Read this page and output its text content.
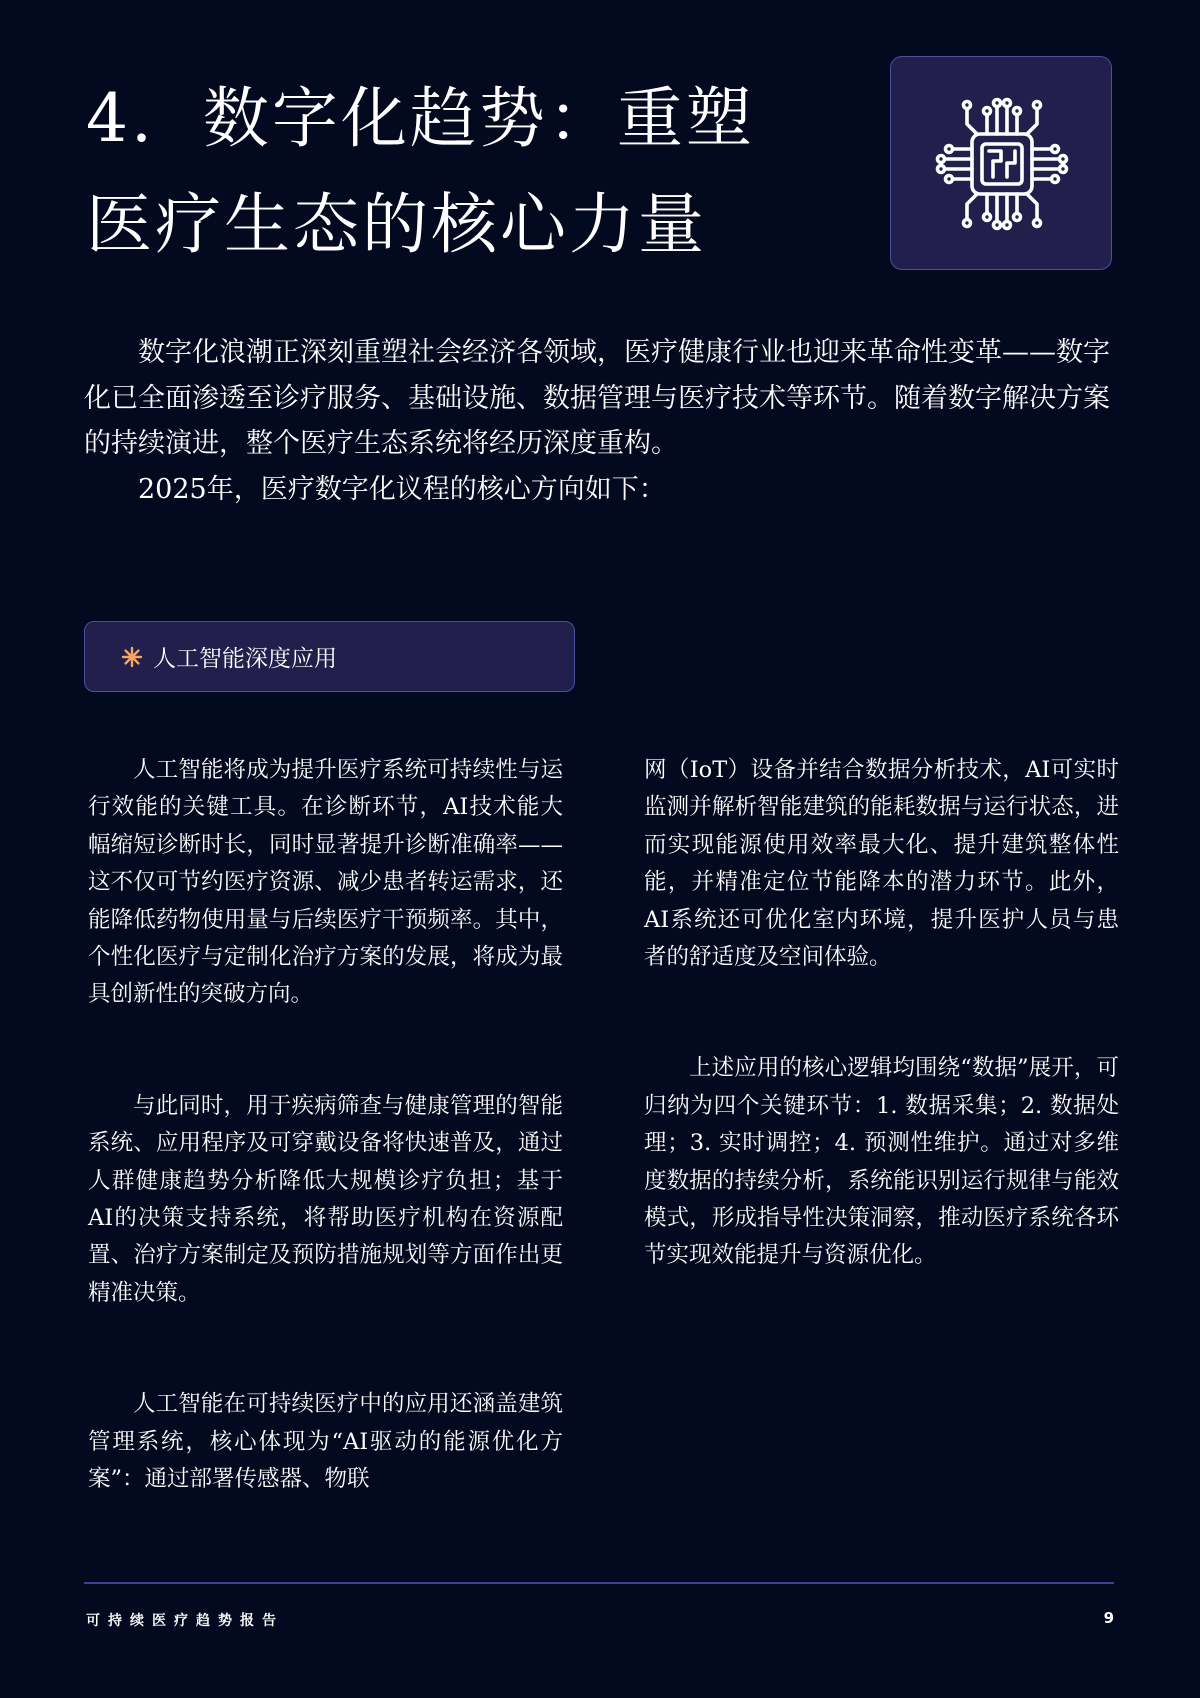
4.  数字化趋势：重塑
医疗生态的核心力量

数字化浪潮正深刻重塑社会经济各领域，医疗健康行业也迎来革命性变革——数字化已全面渗透至诊疗服务、基础设施、数据管理与医疗技术等环节。随着数字解决方案的持续演进，整个医疗生态系统将经历深度重构。

2025年，医疗数字化议程的核心方向如下：

人工智能深度应用

人工智能将成为提升医疗系统可持续性与运行效能的关键工具。在诊断环节，AI技术能大幅缩短诊断时长，同时显著提升诊断准确率——这不仅可节约医疗资源、减少患者转运需求，还能降低药物使用量与后续医疗干预频率。其中，个性化医疗与定制化治疗方案的发展，将成为最具创新性的突破方向。

与此同时，用于疾病筛查与健康管理的智能系统、应用程序及可穿戴设备将快速普及，通过人群健康趋势分析降低大规模诊疗负担；基于AI的决策支持系统，将帮助医疗机构在资源配置、治疗方案制定及预防措施规划等方面作出更精准决策。

人工智能在可持续医疗中的应用还涵盖建筑管理系统，核心体现为“AI驱动的能源优化方案”：通过部署传感器、物联

网（IoT）设备并结合数据分析技术，AI可实时监测并解析智能建筑的能耗数据与运行状态，进而实现能源使用效率最大化、提升建筑整体性能，并精准定位节能降本的潜力环节。此外，AI系统还可优化室内环境，提升医护人员与患者的舒适度及空间体验。

上述应用的核心逻辑均围绕“数据”展开，可归纳为四个关键环节：1. 数据采集；2. 数据处理；3. 实时调控；4. 预测性维护。通过对多维度数据的持续分析，系统能识别运行规律与能效模式，形成指导性决策洞察，推动医疗系统各环节实现效能提升与资源优化。

可持续医疗趋势报告	9
